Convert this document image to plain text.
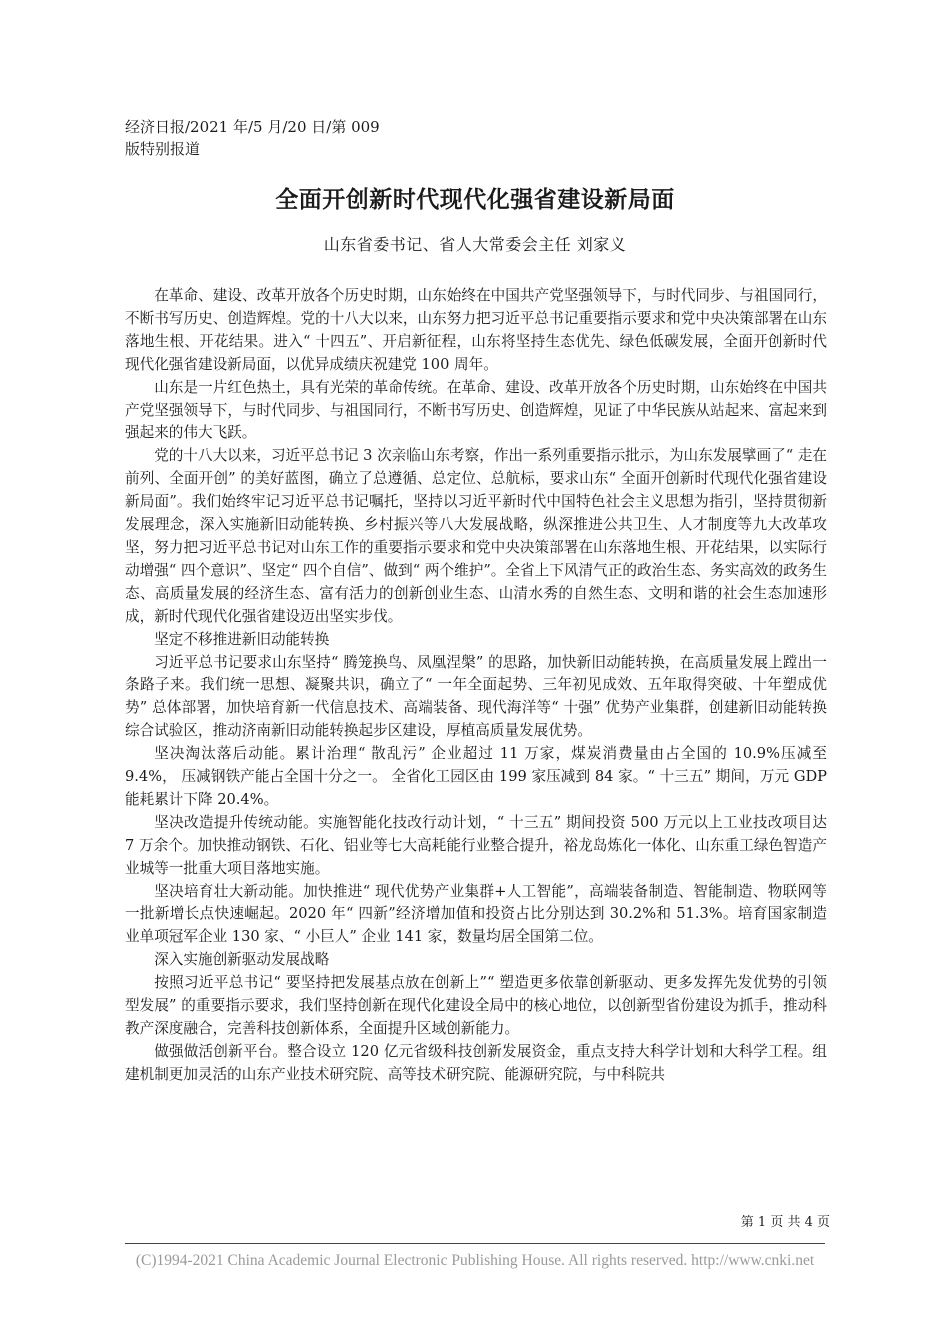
经济日报/2021 年/5 月/20 日/第 009
版特别报道
全面开创新时代现代化强省建设新局面
山东省委书记、省人大常委会主任 刘家义

在革命、建设、改革开放各个历史时期，山东始终在中国共产党坚强领导下，与时代同步、与祖国同行，不断书写历史、创造辉煌。党的十八大以来，山东努力把习近平总书记重要指示要求和党中央决策部署在山东落地生根、开花结果。进入“ 十四五”、开启新征程，山东将坚持生态优先、绿色低碳发展，全面开创新时代现代化强省建设新局面，以优异成绩庆祝建党 100 周年。

山东是一片红色热土，具有光荣的革命传统。在革命、建设、改革开放各个历史时期，山东始终在中国共产党坚强领导下，与时代同步、与祖国同行，不断书写历史、创造辉煌，见证了中华民族从站起来、富起来到强起来的伟大飞跃。

党的十八大以来，习近平总书记 3 次亲临山东考察，作出一系列重要指示批示，为山东发展擘画了“ 走在前列、全面开创” 的美好蓝图，确立了总遵循、总定位、总航标，要求山东“ 全面开创新时代现代化强省建设新局面”。我们始终牢记习近平总书记嘱托，坚持以习近平新时代中国特色社会主义思想为指引，坚持贯彻新发展理念，深入实施新旧动能转换、乡村振兴等八大发展战略，纵深推进公共卫生、人才制度等九大改革攻坚，努力把习近平总书记对山东工作的重要指示要求和党中央决策部署在山东落地生根、开花结果，以实际行动增强“ 四个意识”、坚定“ 四个自信”、做到“ 两个维护”。全省上下风清气正的政治生态、务实高效的政务生态、高质量发展的经济生态、富有活力的创新创业生态、山清水秀的自然生态、文明和谐的社会生态加速形成，新时代现代化强省建设迈出坚实步伐。

坚定不移推进新旧动能转换

习近平总书记要求山东坚持“ 腾笼换鸟、凤凰涅槃” 的思路，加快新旧动能转换，在高质量发展上蹚出一条路子来。我们统一思想、凝聚共识，确立了“ 一年全面起势、三年初见成效、五年取得突破、十年塑成优势” 总体部署，加快培育新一代信息技术、高端装备、现代海洋等“ 十强” 优势产业集群，创建新旧动能转换综合试验区，推动济南新旧动能转换起步区建设，厚植高质量发展优势。

坚决淘汰落后动能。累计治理“ 散乱污” 企业超过 11 万家，煤炭消费量由占全国的 10.9%压减至 9.4%， 压减钢铁产能占全国十分之一。 全省化工园区由 199 家压减到 84 家。“ 十三五” 期间，万元 GDP 能耗累计下降 20.4%。

坚决改造提升传统动能。实施智能化技改行动计划，“ 十三五” 期间投资 500 万元以上工业技改项目达 7 万余个。加快推动钢铁、石化、铝业等七大高耗能行业整合提升，裕龙岛炼化一体化、山东重工绿色智造产业城等一批重大项目落地实施。

坚决培育壮大新动能。加快推进“ 现代优势产业集群+人工智能”，高端装备制造、智能制造、物联网等一批新增长点快速崛起。2020 年“ 四新”经济增加值和投资占比分别达到 30.2%和 51.3%。培育国家制造业单项冠军企业 130 家、“ 小巨人” 企业 141 家，数量均居全国第二位。

深入实施创新驱动发展战略

按照习近平总书记“ 要坚持把发展基点放在创新上”“ 塑造更多依靠创新驱动、更多发挥先发优势的引领型发展” 的重要指示要求，我们坚持创新在现代化建设全局中的核心地位，以创新型省份建设为抓手，推动科教产深度融合，完善科技创新体系，全面提升区域创新能力。

做强做活创新平台。整合设立 120 亿元省级科技创新发展资金，重点支持大科学计划和大科学工程。组建机制更加灵活的山东产业技术研究院、高等技术研究院、能源研究院，与中科院共

第 1 页 共 4 页
(C)1994-2021 China Academic Journal Electronic Publishing House. All rights reserved. http://www.cnki.net
